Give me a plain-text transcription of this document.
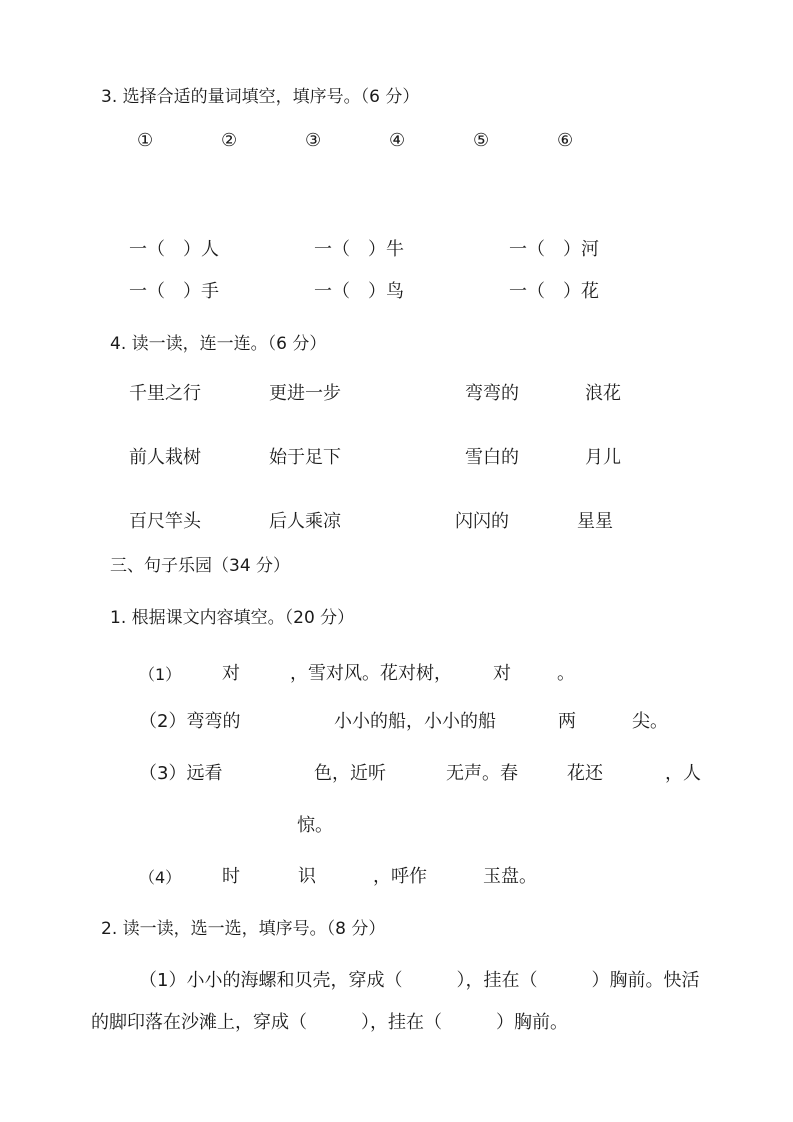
3. 选择合适的量词填空，填序号。（6 分）
①	②	③	④	⑤	⑥
一（　）人	一（　）牛	一（　）河
一（　）手	一（　）鸟	一（　）花
4. 读一读，连一连。（6 分）
千里之行	更进一步	弯弯的	浪花
前人栽树	始于足下	雪白的	月儿
百尺竿头	后人乘凉	闪闪的	星星
三、句子乐园（34 分）
1. 根据课文内容填空。（20 分）
（1） 对	，雪对风。花对树， 对	。
（2）弯弯的	小小的船，小小的船	两	尖。
（3）远看	色，近听	无声。春	花还	，人
惊。
（4） 时	识	，呼作	玉盘。
2. 读一读，选一选，填序号。（8 分）
（1）小小的海螺和贝壳，穿成（　　　），挂在（　　　）胸前。快活
的脚印落在沙滩上，穿成（　　　），挂在（　　　）胸前。
